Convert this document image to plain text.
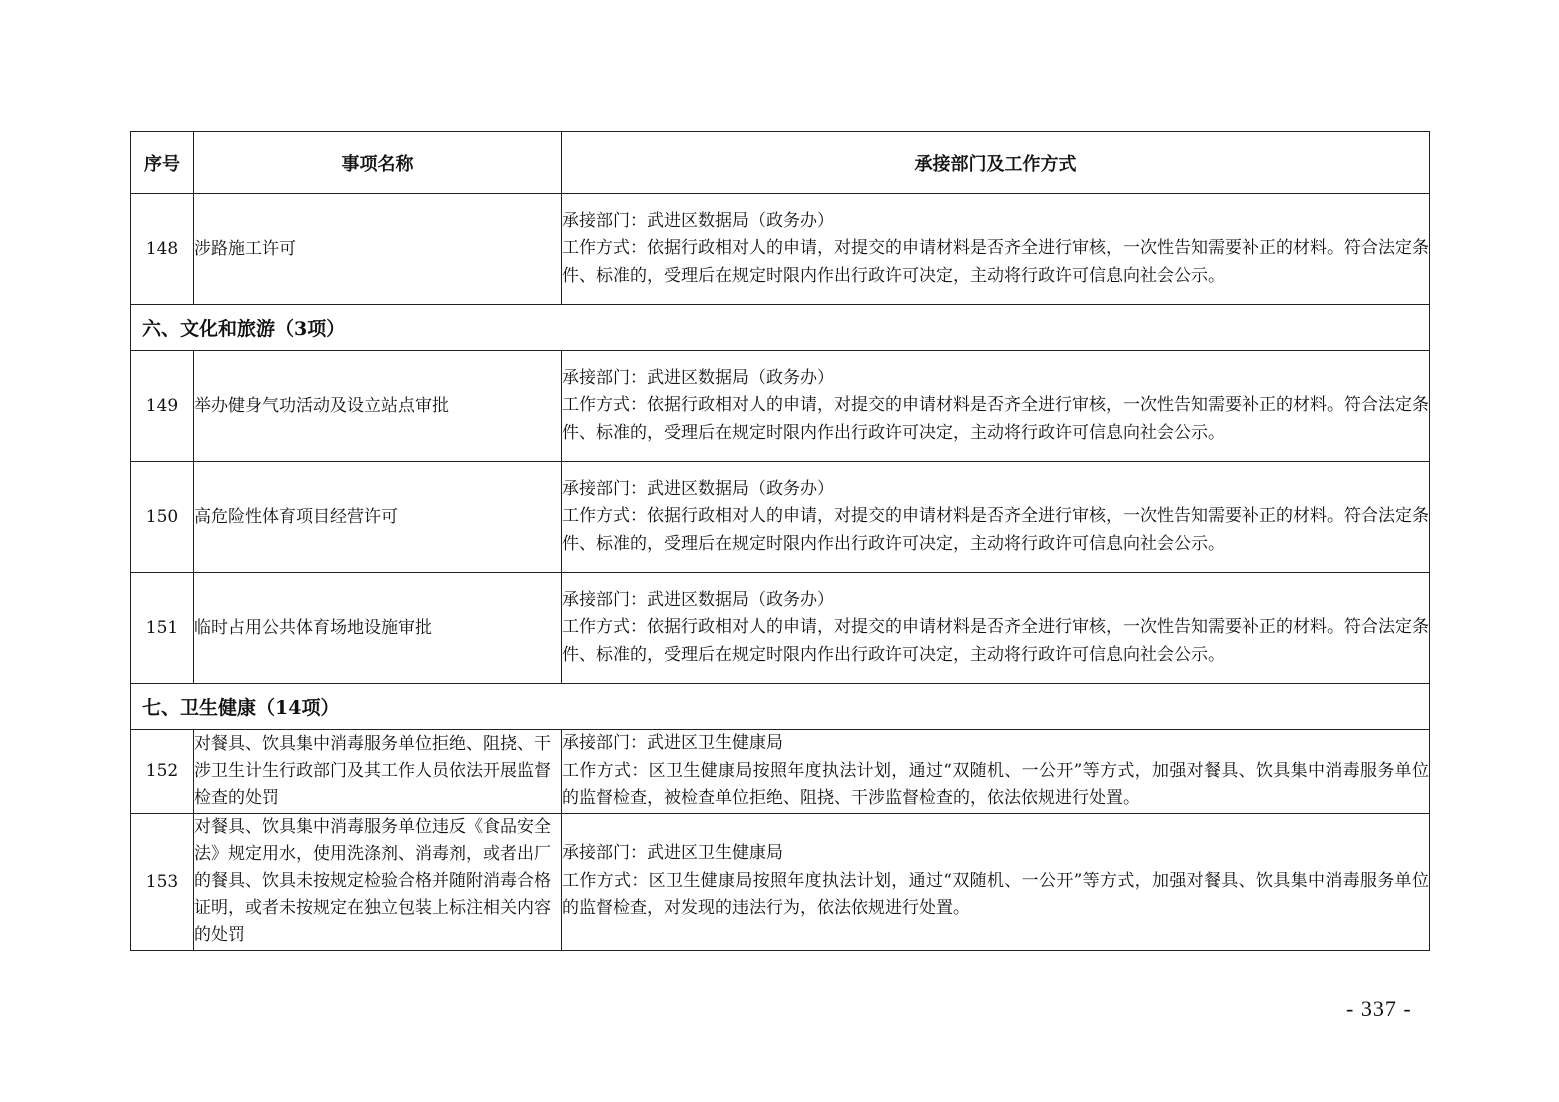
序号	事项名称	承接部门及工作方式
148	涉路施工许可	承接部门：武进区数据局（政务办）
工作方式：依据行政相对人的申请，对提交的申请材料是否齐全进行审核，一次性告知需要补正的材料。符合法定条件、标准的，受理后在规定时限内作出行政许可决定，主动将行政许可信息向社会公示。

六、文化和旅游（3项）		
149	举办健身气功活动及设立站点审批	承接部门：武进区数据局（政务办）
工作方式：依据行政相对人的申请，对提交的申请材料是否齐全进行审核，一次性告知需要补正的材料。符合法定条件、标准的，受理后在规定时限内作出行政许可决定，主动将行政许可信息向社会公示。

150	高危险性体育项目经营许可	承接部门：武进区数据局（政务办）
工作方式：依据行政相对人的申请，对提交的申请材料是否齐全进行审核，一次性告知需要补正的材料。符合法定条件、标准的，受理后在规定时限内作出行政许可决定，主动将行政许可信息向社会公示。

151	临时占用公共体育场地设施审批	承接部门：武进区数据局（政务办）
工作方式：依据行政相对人的申请，对提交的申请材料是否齐全进行审核，一次性告知需要补正的材料。符合法定条件、标准的，受理后在规定时限内作出行政许可决定，主动将行政许可信息向社会公示。

七、卫生健康（14项）		
152	对餐具、饮具集中消毒服务单位拒绝、阻挠、干涉卫生计生行政部门及其工作人员依法开展监督检查的处罚	承接部门：武进区卫生健康局
工作方式：区卫生健康局按照年度执法计划，通过“双随机、一公开”等方式，加强对餐具、饮具集中消毒服务单位的监督检查，被检查单位拒绝、阻挠、干涉监督检查的，依法依规进行处置。

153	对餐具、饮具集中消毒服务单位违反《食品安全法》规定用水，使用洗涤剂、消毒剂，或者出厂的餐具、饮具未按规定检验合格并随附消毒合格证明，或者未按规定在独立包装上标注相关内容的处罚	承接部门：武进区卫生健康局
工作方式：区卫生健康局按照年度执法计划，通过“双随机、一公开”等方式，加强对餐具、饮具集中消毒服务单位的监督检查，对发现的违法行为，依法依规进行处置。
- 337 -
